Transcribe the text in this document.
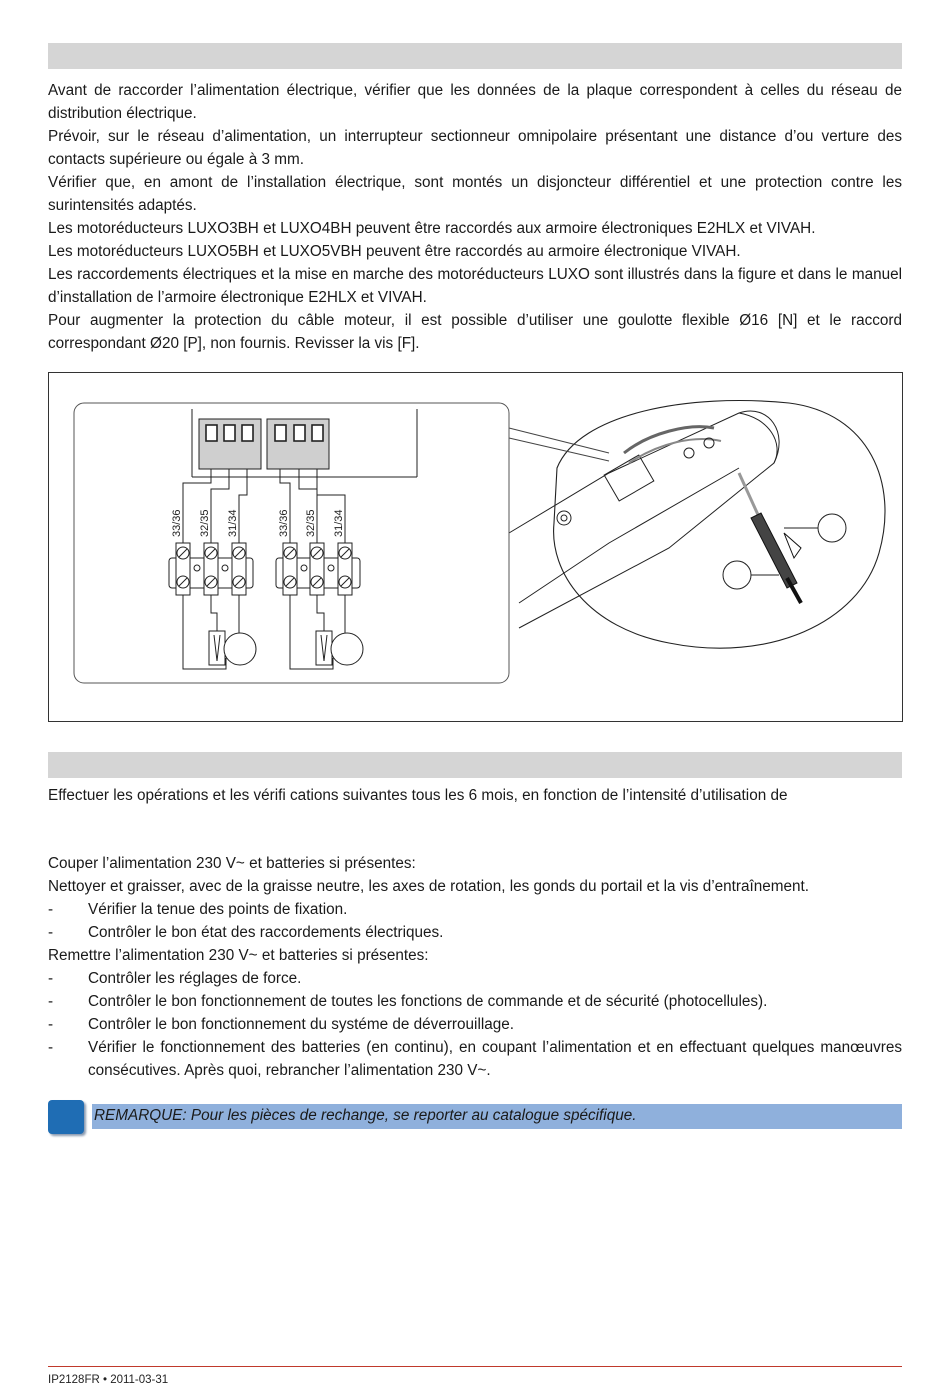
Avant de raccorder l’alimentation électrique, vérifier que les données de la plaque correspondent à celles du réseau de distribution électrique.

Prévoir, sur le réseau d’alimentation, un interrupteur sectionneur omnipolaire présentant une distance d’ou verture des contacts supérieure ou égale à 3 mm.

Vérifier que, en amont de l’installation électrique, sont montés un disjoncteur différentiel et une protection contre les surintensités adaptés.

Les motoréducteurs LUXO3BH et LUXO4BH peuvent être raccordés aux armoire électroniques E2HLX et VIVAH.

Les motoréducteurs LUXO5BH et LUXO5VBH peuvent être raccordés au armoire électronique VIVAH.

Les raccordements électriques et la mise en marche des motoréducteurs LUXO sont illustrés dans la figure et dans le manuel d’installation de l’armoire électronique E2HLX et VIVAH.

Pour augmenter la protection du câble moteur, il est possible d’utiliser une goulotte flexible Ø16 [N] et le raccord correspondant Ø20 [P], non fournis. Revisser la vis [F].

33/36 32/35 31/34	33/36 32/35 31/34

Effectuer les opérations et les vérifi cations suivantes tous les 6 mois, en fonction de l’intensité d’utilisation de

Couper l’alimentation 230 V~ et batteries si présentes:

Nettoyer et graisser, avec de la graisse neutre, les axes de rotation, les gonds du portail et la vis d’entraînement.

-	Vérifier la tenue des points de fixation.
-	Contrôler le bon état des raccordements électriques.

Remettre l’alimentation 230 V~ et batteries si présentes:

-	Contrôler les réglages de force.
-	Contrôler le bon fonctionnement de toutes les fonctions de commande et de sécurité (photocellules).
-	Contrôler le bon fonctionnement du systéme de déverrouillage.
-	Vérifier le fonctionnement des batteries (en continu), en coupant l’alimentation et en effectuant quelques manœuvres consécutives. Après quoi, rebrancher l’alimentation 230 V~.
REMARQUE: Pour les pièces de rechange, se reporter au catalogue spécifique.
IP2128FR • 2011-03-31
